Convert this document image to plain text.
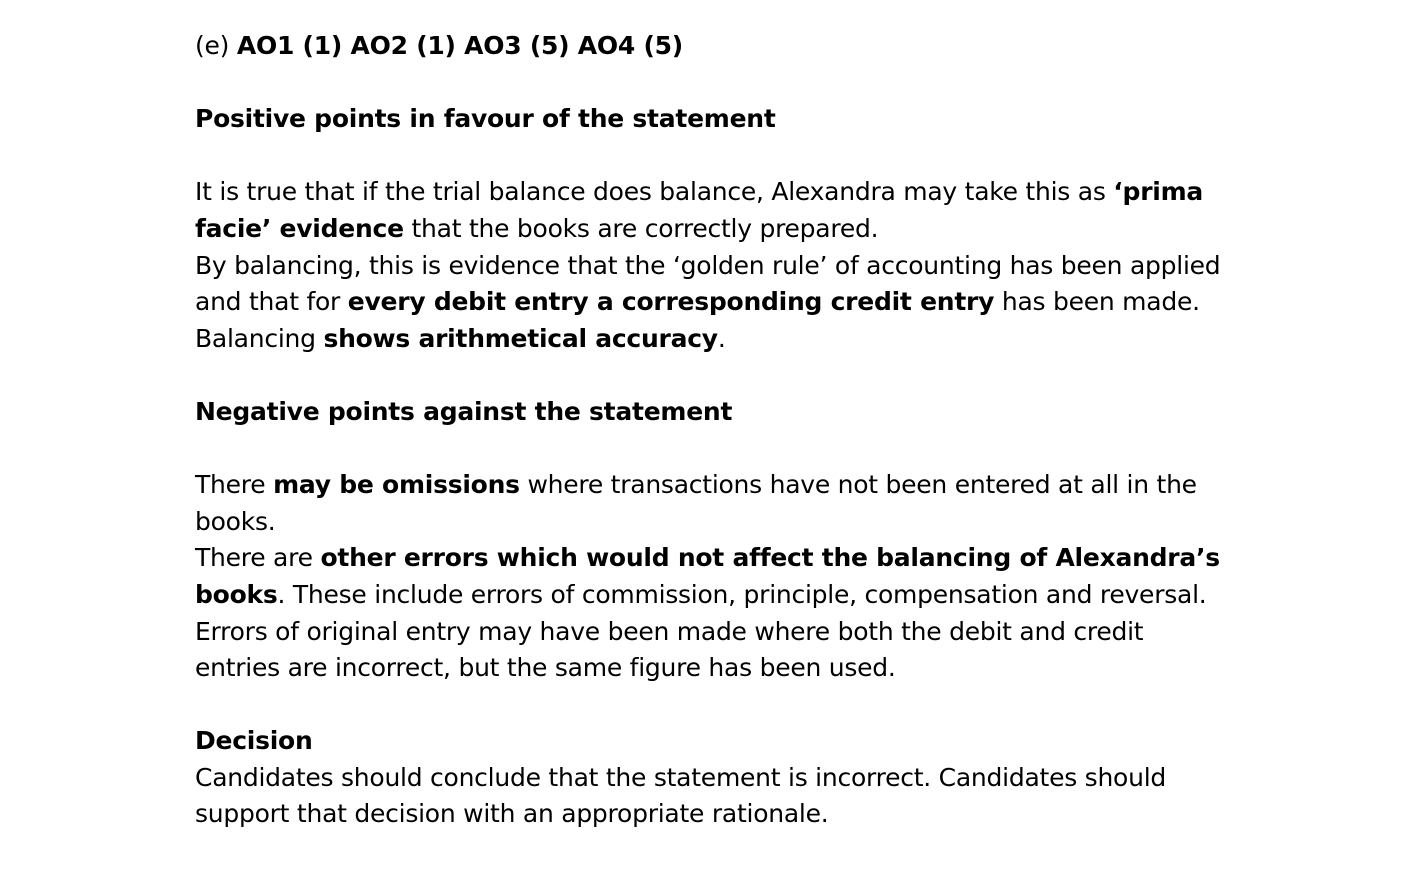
(e) AO1 (1) AO2 (1) AO3 (5) AO4 (5)

Positive points in favour of the statement

It is true that if the trial balance does balance, Alexandra may take this as ‘prima

facie’ evidence that the books are correctly prepared.

By balancing, this is evidence that the ‘golden rule’ of accounting has been applied

and that for every debit entry a corresponding credit entry has been made.

Balancing shows arithmetical accuracy.

Negative points against the statement

There may be omissions where transactions have not been entered at all in the

books.

There are other errors which would not affect the balancing of Alexandra’s

books. These include errors of commission, principle, compensation and reversal.

Errors of original entry may have been made where both the debit and credit

entries are incorrect, but the same figure has been used.

Decision

Candidates should conclude that the statement is incorrect. Candidates should

support that decision with an appropriate rationale.
